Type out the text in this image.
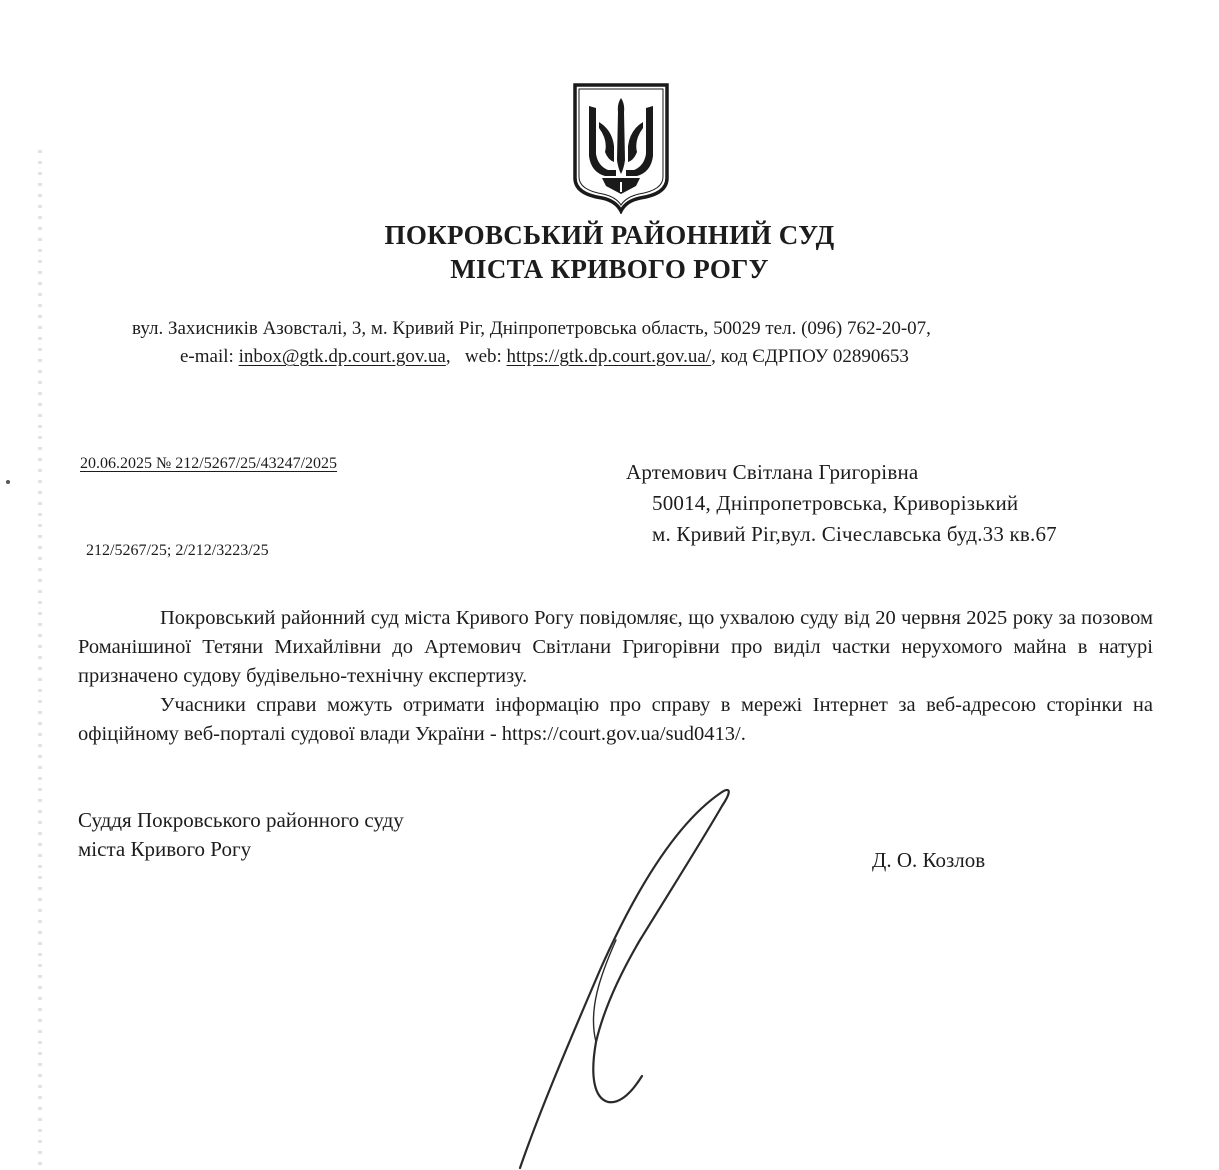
ПОКРОВСЬКИЙ РАЙОННИЙ СУД

МІСТА КРИВОГО РОГУ

вул. Захисників Азовсталі, 3, м. Кривий Ріг, Дніпропетровська область, 50029 тел. (096) 762-20-07,

e-mail: inbox@gtk.dp.court.gov.ua,   web: https://gtk.dp.court.gov.ua/, код ЄДРПОУ 02890653

20.06.2025 № 212/5267/25/43247/2025

212/5267/25; 2/212/3223/25

Артемович Світлана Григорівна

50014, Дніпропетровська, Криворізький

м. Кривий Ріг,вул. Січеславська буд.33 кв.67

Покровський районний суд міста Кривого Рогу повідомляє, що ухвалою суду від 20 червня 2025 року за позовом Романішиної Тетяни Михайлівни до Артемович Світлани Григорівни про виділ частки нерухомого майна в натурі призначено судову будівельно-технічну експертизу.

Учасники справи можуть отримати інформацію про справу в мережі Інтернет за веб-адресою сторінки на офіційному веб-порталі судової влади України - https://court.gov.ua/sud0413/.

Суддя Покровського районного суду

міста Кривого Рогу	Д. О. Козлов
